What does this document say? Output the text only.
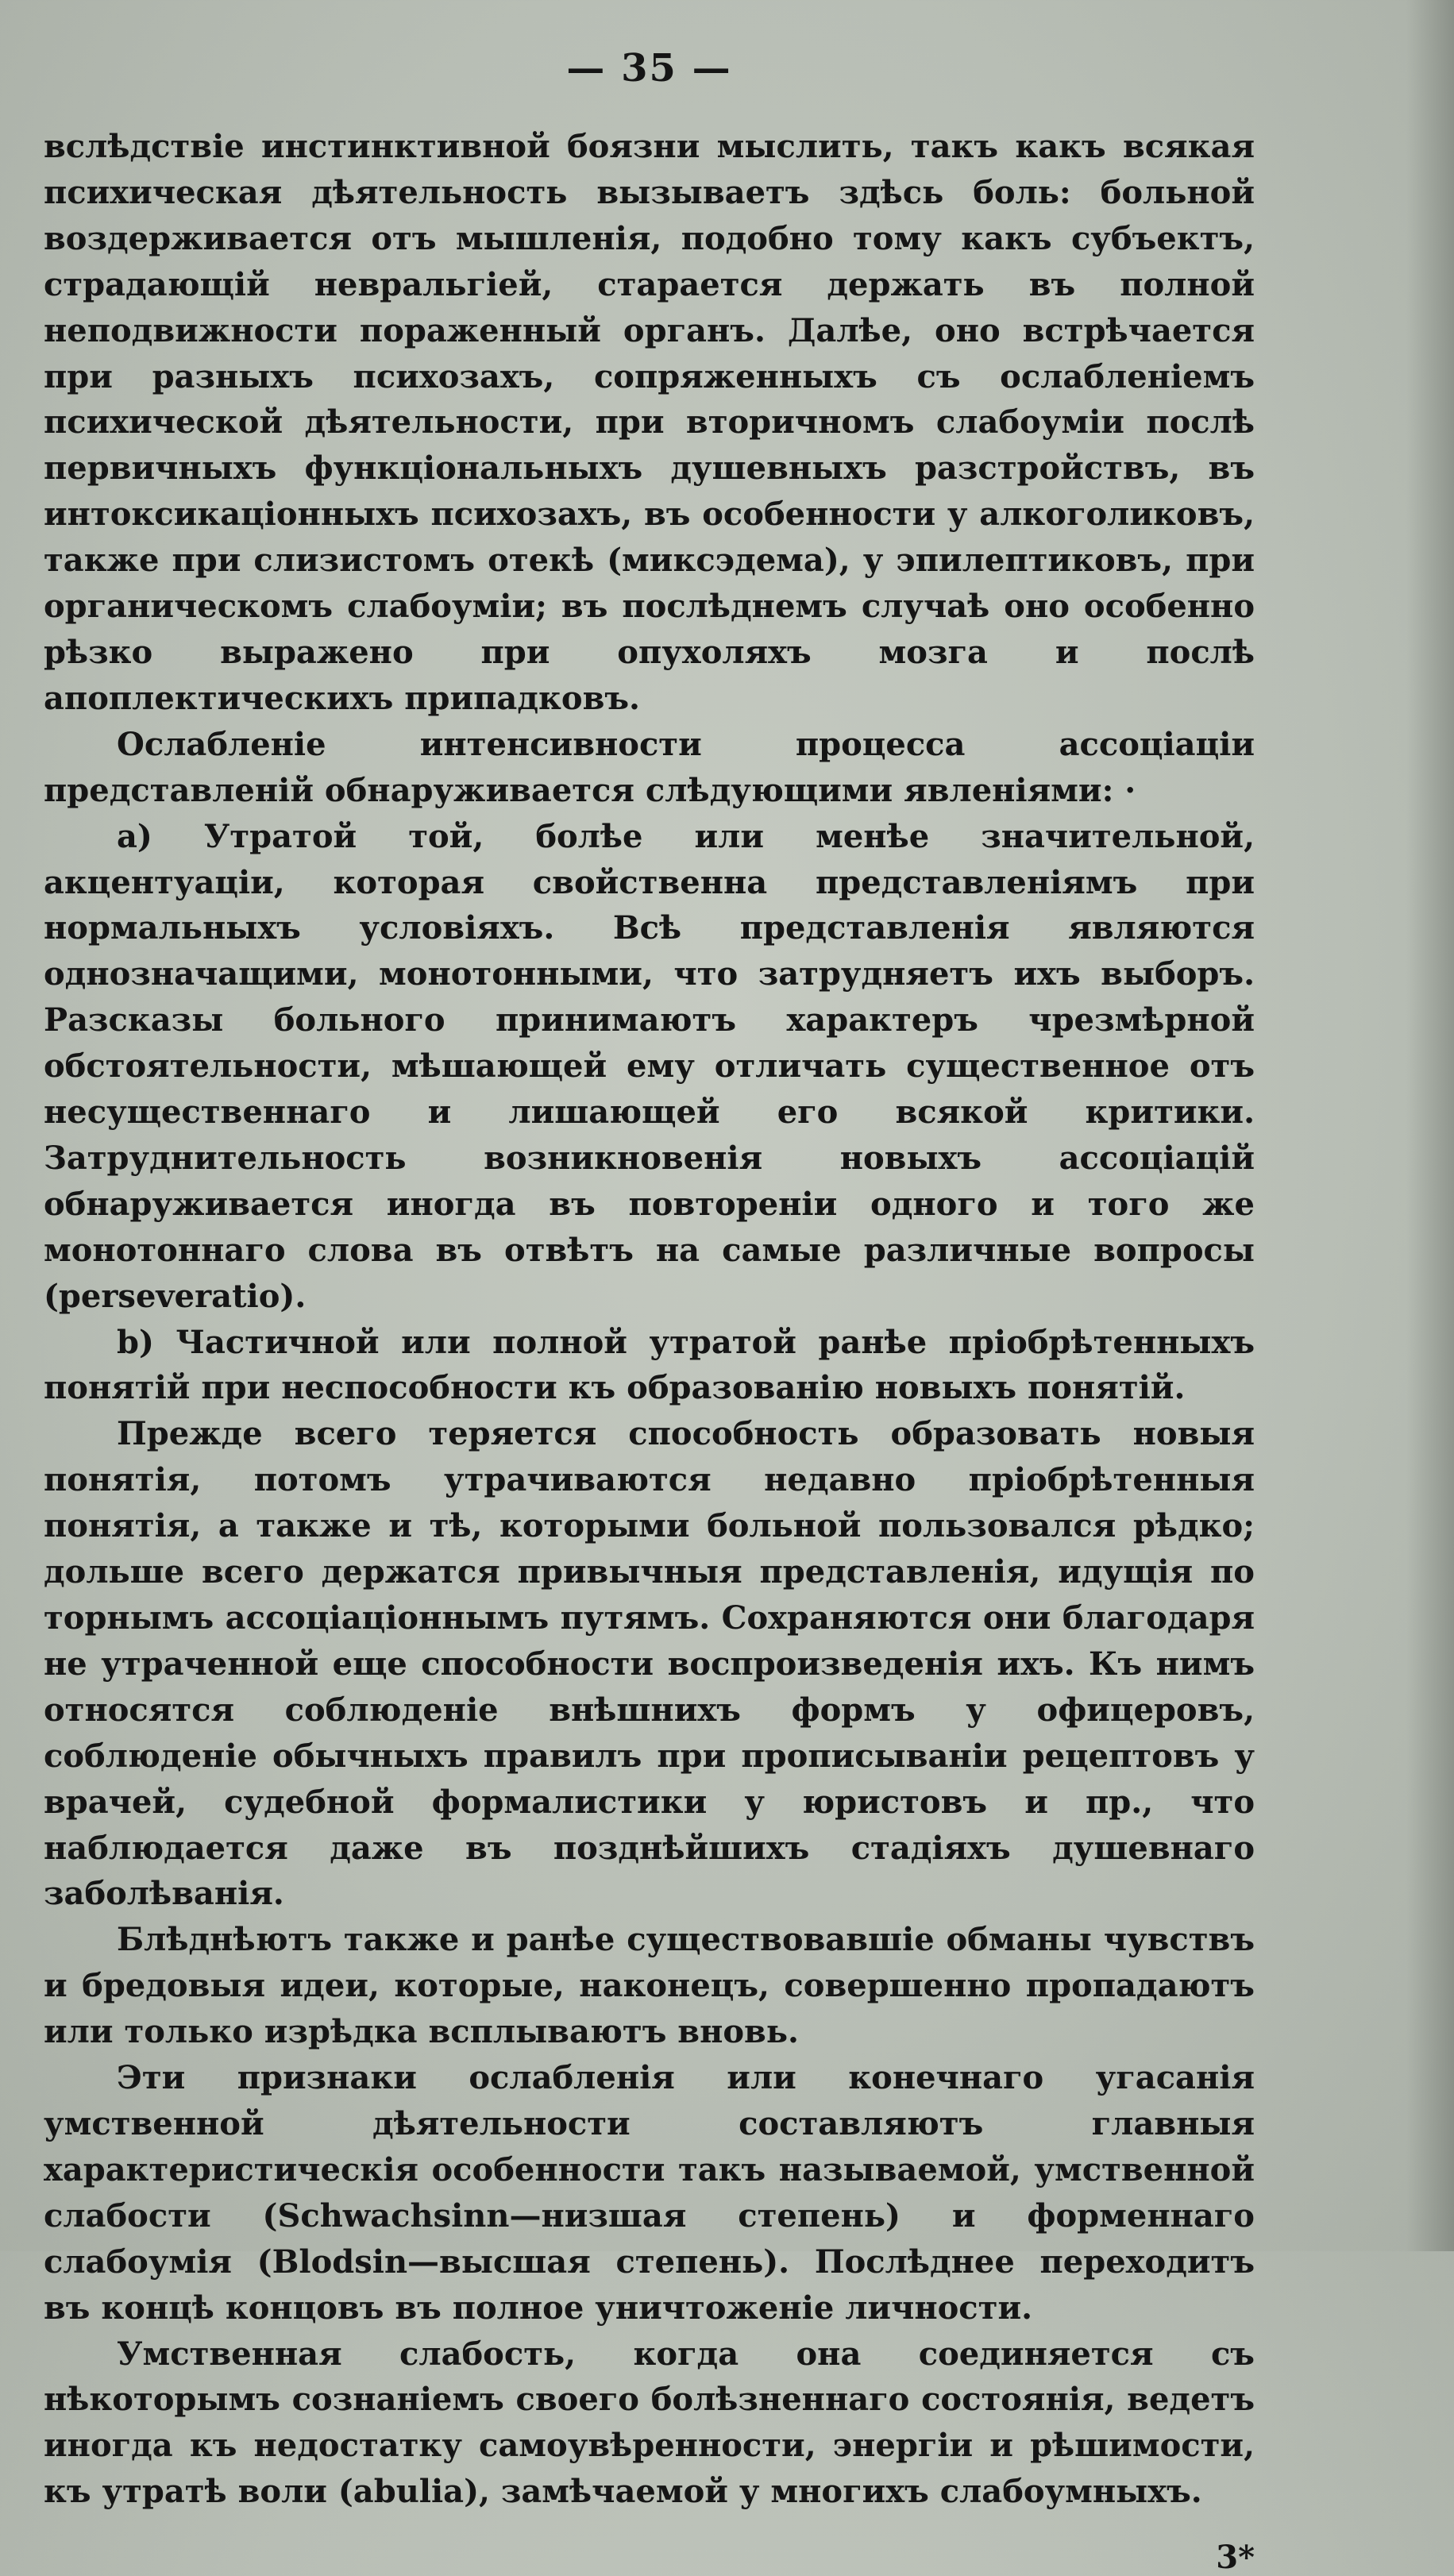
— 35 —

вслѣдствіе инстинктивной боязни мыслить, такъ какъ всякая психическая дѣятельность вызываетъ здѣсь боль: больной воздерживается отъ мышленія, подобно тому какъ субъектъ, страдающій невральгіей, старается держать въ полной неподвижности пораженный органъ. Далѣе, оно встрѣчается при разныхъ психозахъ, сопряженныхъ съ ослабленіемъ психической дѣятельности, при вторичномъ слабоуміи послѣ первичныхъ функціональныхъ душевныхъ разстройствъ, въ интоксикаціонныхъ психозахъ, въ особенности у алкоголиковъ, также при слизистомъ отекѣ (миксэдема), у эпилептиковъ, при органическомъ слабоуміи; въ послѣднемъ случаѣ оно особенно рѣзко выражено при опухоляхъ мозга и послѣ апоплектическихъ припадковъ.

Ослабленіе интенсивности процесса ассоціаціи представленій обнаруживается слѣдующими явленіями: ·

a) Утратой той, болѣе или менѣе значительной, акцентуаціи, которая свойственна представленіямъ при нормальныхъ условіяхъ. Всѣ представленія являются однозначащими, монотонными, что затрудняетъ ихъ выборъ. Разсказы больного принимаютъ характеръ чрезмѣрной обстоятельности, мѣшающей ему отличать существенное отъ несущественнаго и лишающей его всякой критики. Затруднительность возникновенія новыхъ ассоціацій обнаруживается иногда въ повтореніи одного и того же монотоннаго слова въ отвѣтъ на самые различные вопросы (perseveratio).

b) Частичной или полной утратой ранѣе пріобрѣтенныхъ понятій при неспособности къ образованію новыхъ понятій.

Прежде всего теряется способность образовать новыя понятія, потомъ утрачиваются недавно пріобрѣтенныя понятія, а также и тѣ, которыми больной пользовался рѣдко; дольше всего держатся привычныя представленія, идущія по торнымъ ассоціаціоннымъ путямъ. Сохраняются они благодаря не утраченной еще способности воспроизведенія ихъ. Къ нимъ относятся соблюденіе внѣшнихъ формъ у офицеровъ, соблюденіе обычныхъ правилъ при прописываніи рецептовъ у врачей, судебной формалистики у юристовъ и пр., что наблюдается даже въ позднѣйшихъ стадіяхъ душевнаго заболѣванія.

Блѣднѣютъ также и ранѣе существовавшіе обманы чувствъ и бредовыя идеи, которые, наконецъ, совершенно пропадаютъ или только изрѣдка всплываютъ вновь.

Эти признаки ослабленія или конечнаго угасанія умственной дѣятельности составляютъ главныя характеристическія особенности такъ называемой, умственной слабости (Schwachsinn—низшая степень) и форменнаго слабоумія (Blodsin—высшая степень). Послѣднее переходитъ въ концѣ концовъ въ полное уничтоженіе личности.

Умственная слабость, когда она соединяется съ нѣкоторымъ сознаніемъ своего болѣзненнаго состоянія, ведетъ иногда къ недостатку самоувѣренности, энергіи и рѣшимости, къ утратѣ воли (abulia), замѣчаемой у многихъ слабоумныхъ.

3*
